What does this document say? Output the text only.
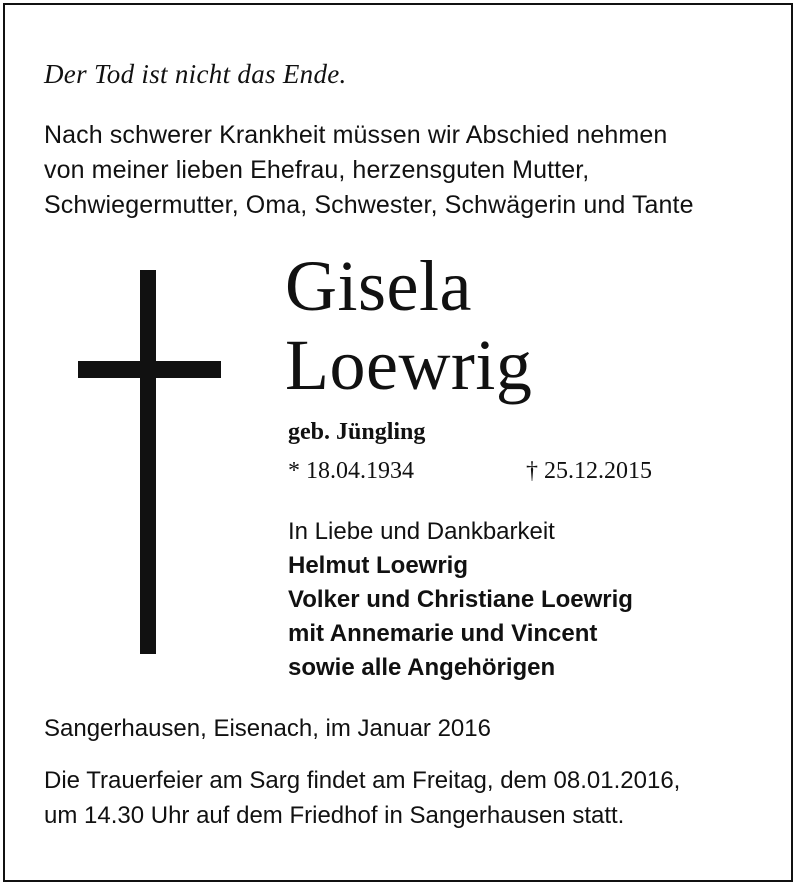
Der Tod ist nicht das Ende.
Nach schwerer Krankheit müssen wir Abschied nehmen
von meiner lieben Ehefrau, herzensguten Mutter,
Schwiegermutter, Oma, Schwester, Schwägerin und Tante
Gisela
Loewrig
geb. Jüngling
* 18.04.1934	† 25.12.2015
In Liebe und Dankbarkeit
Helmut Loewrig
Volker und Christiane Loewrig
mit Annemarie und Vincent
sowie alle Angehörigen
Sangerhausen, Eisenach, im Januar 2016
Die Trauerfeier am Sarg findet am Freitag, dem 08.01.2016,
um 14.30 Uhr auf dem Friedhof in Sangerhausen statt.
